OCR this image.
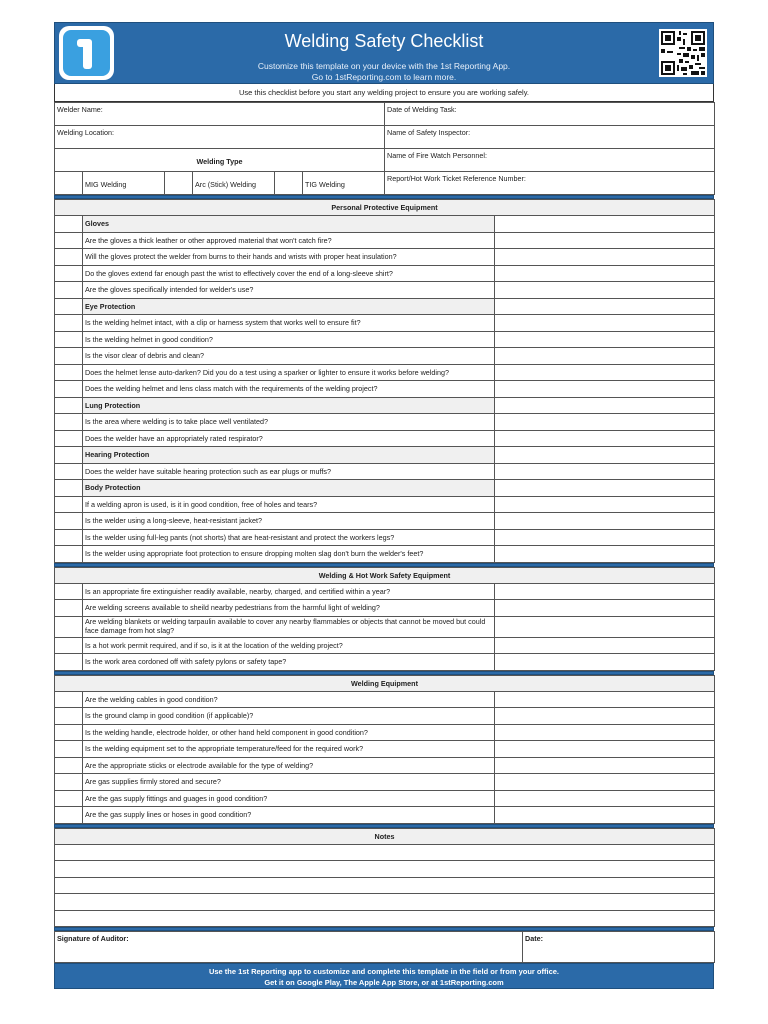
Welding Safety Checklist
Customize this template on your device with the 1st Reporting App.
Go to 1stReporting.com to learn more.
Use this checklist before you start any welding project to ensure you are working safely.
Welder Name:						Date of Welding Task:
Welding Location:						Name of Safety Inspector:
Welding Type						Name of Fire Watch Personnel:
	MIG Welding		Arc (Stick) Welding		TIG Welding	Report/Hot Work Ticket Reference Number:
Personal Protective Equipment		
	Gloves	
	Are the gloves a thick leather or other approved material that won't catch fire?	
	Will the gloves protect the welder from burns to their hands and wrists with proper heat insulation?	
	Do the gloves extend far enough past the wrist to effectively cover the end of a long-sleeve shirt?	
	Are the gloves specifically intended for welder's use?	
	Eye Protection	
	Is the welding helmet intact, with a clip or harness system that works well to ensure fit?	
	Is the welding helmet in good condition?	
	Is the visor clear of debris and clean?	
	Does the helmet lense auto-darken? Did you do a test using a sparker or lighter to ensure it works before welding?	
	Does the welding helmet and lens class match with the requirements of the welding project?	
	Lung Protection	
	Is the area where welding is to take place well ventilated?	
	Does the welder have an appropriately rated respirator?	
	Hearing Protection	
	Does the welder have suitable hearing protection such as ear plugs or muffs?	
	Body Protection	
	If a welding apron is used, is it in good condition, free of holes and tears?	
	Is the welder using a long-sleeve, heat-resistant jacket?	
	Is the welder using full-leg pants (not shorts) that are heat-resistant and protect the workers legs?	
	Is the welder using appropriate foot protection to ensure dropping molten slag don't burn the welder's feet?	
Welding & Hot Work Safety Equipment		
	Is an appropriate fire extinguisher readily available, nearby, charged, and certified within a year?	
	Are welding screens available to sheild nearby pedestrians from the harmful light of welding?	
	Are welding blankets or welding tarpaulin available to cover any nearby flammables or objects that cannot be moved but could face damage from hot slag?	
	Is a hot work permit required, and if so, is it at the location of the welding project?	
	Is the work area cordoned off with safety pylons or safety tape?	
Welding Equipment		
	Are the welding cables in good condition?	
	Is the ground clamp in good condition (if applicable)?	
	Is the welding handle, electrode holder, or other hand held component in good condition?	
	Is the welding equipment set to the appropriate temperature/feed for the required work?	
	Are the appropriate sticks or electrode available for the type of welding?	
	Are gas supplies firmly stored and secure?	
	Are the gas supply fittings and guages in good condition?	
	Are the gas supply lines or hoses in good condition?	
Notes

Signature of Auditor:	Date:
Use the 1st Reporting app to customize and complete this template in the field or from your office.
Get it on Google Play, The Apple App Store, or at 1stReporting.com
